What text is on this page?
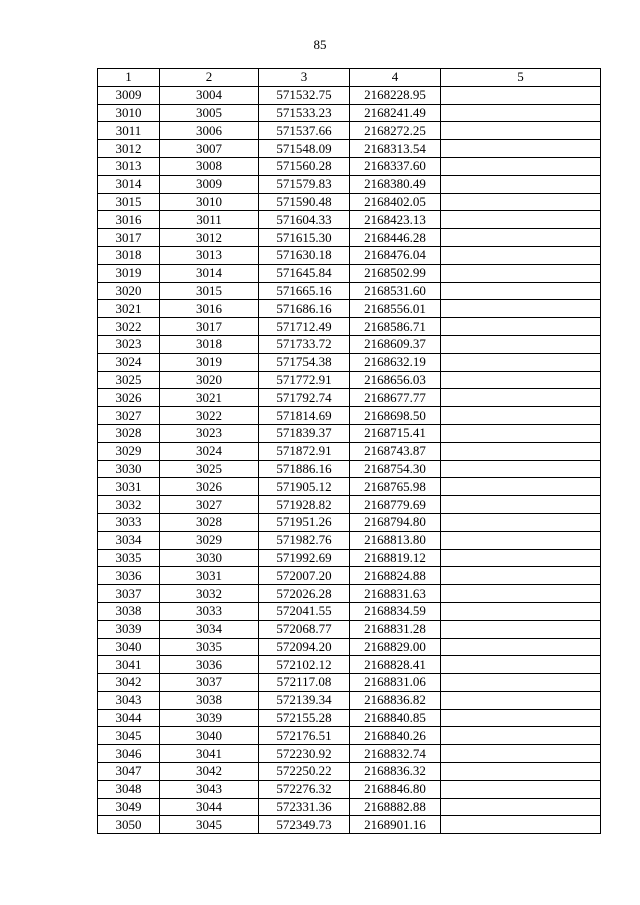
85
1	2	3	4	5
3009	3004	571532.75	2168228.95	
3010	3005	571533.23	2168241.49	
3011	3006	571537.66	2168272.25	
3012	3007	571548.09	2168313.54	
3013	3008	571560.28	2168337.60	
3014	3009	571579.83	2168380.49	
3015	3010	571590.48	2168402.05	
3016	3011	571604.33	2168423.13	
3017	3012	571615.30	2168446.28	
3018	3013	571630.18	2168476.04	
3019	3014	571645.84	2168502.99	
3020	3015	571665.16	2168531.60	
3021	3016	571686.16	2168556.01	
3022	3017	571712.49	2168586.71	
3023	3018	571733.72	2168609.37	
3024	3019	571754.38	2168632.19	
3025	3020	571772.91	2168656.03	
3026	3021	571792.74	2168677.77	
3027	3022	571814.69	2168698.50	
3028	3023	571839.37	2168715.41	
3029	3024	571872.91	2168743.87	
3030	3025	571886.16	2168754.30	
3031	3026	571905.12	2168765.98	
3032	3027	571928.82	2168779.69	
3033	3028	571951.26	2168794.80	
3034	3029	571982.76	2168813.80	
3035	3030	571992.69	2168819.12	
3036	3031	572007.20	2168824.88	
3037	3032	572026.28	2168831.63	
3038	3033	572041.55	2168834.59	
3039	3034	572068.77	2168831.28	
3040	3035	572094.20	2168829.00	
3041	3036	572102.12	2168828.41	
3042	3037	572117.08	2168831.06	
3043	3038	572139.34	2168836.82	
3044	3039	572155.28	2168840.85	
3045	3040	572176.51	2168840.26	
3046	3041	572230.92	2168832.74	
3047	3042	572250.22	2168836.32	
3048	3043	572276.32	2168846.80	
3049	3044	572331.36	2168882.88	
3050	3045	572349.73	2168901.16	
